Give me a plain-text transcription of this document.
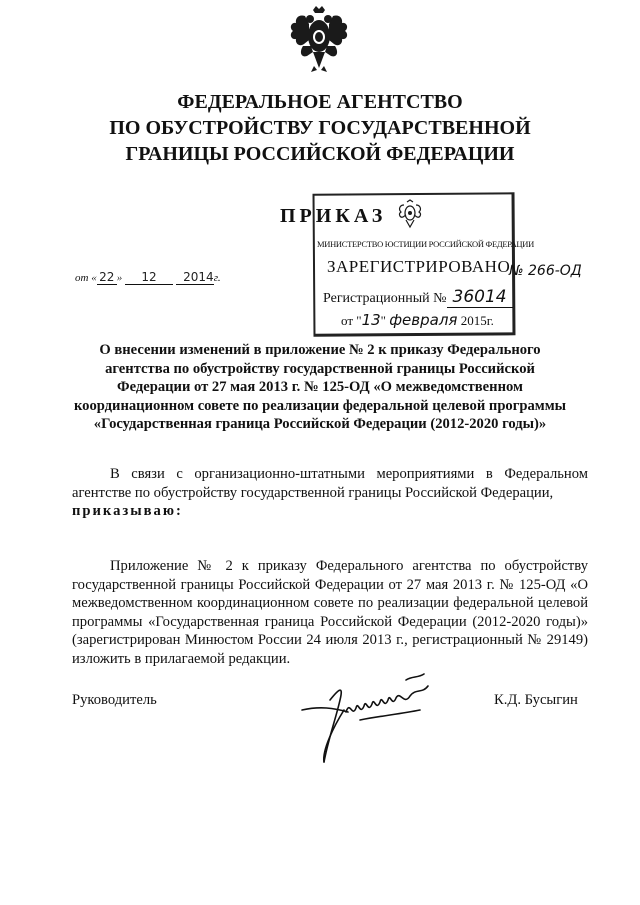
ФЕДЕРАЛЬНОЕ АГЕНТСТВО
ПО ОБУСТРОЙСТВУ ГОСУДАРСТВЕННОЙ
ГРАНИЦЫ РОССИЙСКОЙ ФЕДЕРАЦИИ
ПРИКАЗ
от « 22 » 12 2014г.
МИНИСТЕРСТВО ЮСТИЦИИ РОССИЙСКОЙ ФЕДЕРАЦИИ
ЗАРЕГИСТРИРОВАНО
Регистрационный № 36014
от "13" февраля 2015г.
№ 266-ОД
О внесении изменений в приложение № 2 к приказу Федерального агентства по обустройству государственной границы Российской Федерации от 27 мая 2013 г. № 125-ОД «О межведомственном координационном совете по реализации федеральной целевой программы «Государственная граница Российской Федерации (2012-2020 годы)»
В связи с организационно-штатными мероприятиями в Федеральном агентстве по обустройству государственной границы Российской Федерации,
приказываю:
Приложение № 2 к приказу Федерального агентства по обустройству государственной границы Российской Федерации от 27 мая 2013 г. № 125-ОД «О межведомственном координационном совете по реализации федеральной целевой программы «Государственная граница Российской Федерации (2012-2020 годы)» (зарегистрирован Минюстом России 24 июля 2013 г., регистрационный № 29149) изложить в прилагаемой редакции.
Руководитель	К.Д. Бусыгин
